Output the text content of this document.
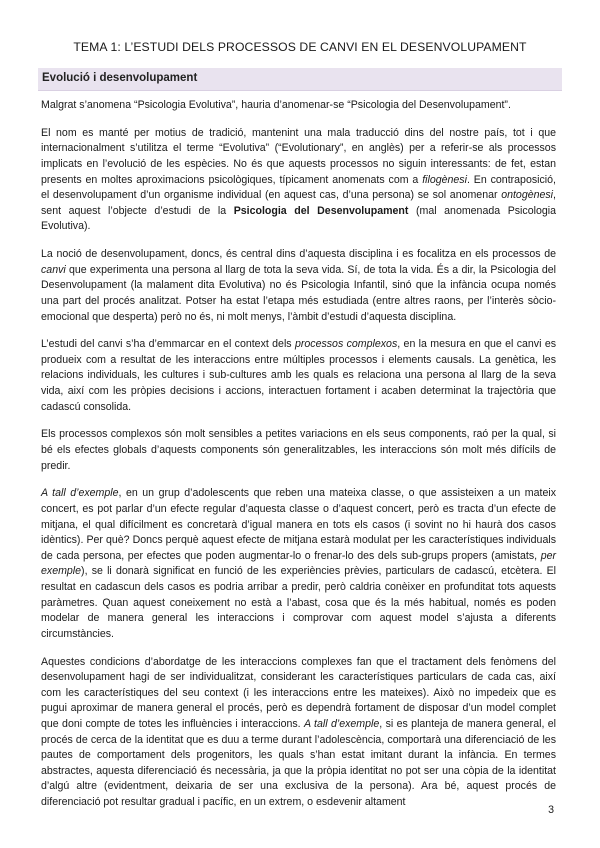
TEMA 1: L’ESTUDI DELS PROCESSOS DE CANVI EN EL DESENVOLUPAMENT
Evolució i desenvolupament

Malgrat s’anomena “Psicologia Evolutiva”, hauria d’anomenar-se “Psicologia del Desenvolupament”.

El nom es manté per motius de tradició, mantenint una mala traducció dins del nostre país, tot i que internacionalment s’utilitza el terme “Evolutiva” (“Evolutionary”, en anglès) per a referir-se als processos implicats en l’evolució de les espècies. No és que aquests processos no siguin interessants: de fet, estan presents en moltes aproximacions psicològiques, típicament anomenats com a filogènesi. En contraposició, el desenvolupament d’un organisme individual (en aquest cas, d’una persona) se sol anomenar ontogènesi, sent aquest l’objecte d’estudi de la Psicologia del Desenvolupament (mal anomenada Psicologia Evolutiva).

La noció de desenvolupament, doncs, és central dins d’aquesta disciplina i es focalitza en els processos de canvi que experimenta una persona al llarg de tota la seva vida. Sí, de tota la vida. És a dir, la Psicologia del Desenvolupament (la malament dita Evolutiva) no és Psicologia Infantil, sinó que la infància ocupa només una part del procés analitzat. Potser ha estat l’etapa més estudiada (entre altres raons, per l’interès sòcio-emocional que desperta) però no és, ni molt menys, l’àmbit d’estudi d’aquesta disciplina.

L’estudi del canvi s’ha d’emmarcar en el context dels processos complexos, en la mesura en que el canvi es produeix com a resultat de les interaccions entre múltiples processos i elements causals. La genètica, les relacions individuals, les cultures i sub-cultures amb les quals es relaciona una persona al llarg de la seva vida, així com les pròpies decisions i accions, interactuen fortament i acaben determinat la trajectòria que cadascú consolida.

Els processos complexos són molt sensibles a petites variacions en els seus components, raó per la qual, si bé els efectes globals d’aquests components són generalitzables, les interaccions són molt més difícils de predir.

A tall d’exemple, en un grup d’adolescents que reben una mateixa classe, o que assisteixen a un mateix concert, es pot parlar d’un efecte regular d’aquesta classe o d’aquest concert, però es tracta d’un efecte de mitjana, el qual difícilment es concretarà d’igual manera en tots els casos (i sovint no hi haurà dos casos idèntics). Per què? Doncs perquè aquest efecte de mitjana estarà modulat per les característiques individuals de cada persona, per efectes que poden augmentar-lo o frenar-lo des dels sub-grups propers (amistats, per exemple), se li donarà significat en funció de les experiències prèvies, particulars de cadascú, etcètera. El resultat en cadascun dels casos es podria arribar a predir, però caldria conèixer en profunditat tots aquests paràmetres. Quan aquest coneixement no està a l’abast, cosa que és la més habitual, només es poden modelar de manera general les interaccions i comprovar com aquest model s’ajusta a diferents circumstàncies.

Aquestes condicions d’abordatge de les interaccions complexes fan que el tractament dels fenòmens del desenvolupament hagi de ser individualitzat, considerant les característiques particulars de cada cas, així com les característiques del seu context (i les interaccions entre les mateixes). Això no impedeix que es pugui aproximar de manera general el procés, però es dependrà fortament de disposar d’un model complet que doni compte de totes les influències i interaccions. A tall d’exemple, si es planteja de manera general, el procés de cerca de la identitat que es duu a terme durant l’adolescència, comportarà una diferenciació de les pautes de comportament dels progenitors, les quals s’han estat imitant durant la infància. En termes abstractes, aquesta diferenciació és necessària, ja que la pròpia identitat no pot ser una còpia de la identitat d’algú altre (evidentment, deixaria de ser una exclusiva de la persona). Ara bé, aquest procés de diferenciació pot resultar gradual i pacífic, en un extrem, o esdevenir altament

3
